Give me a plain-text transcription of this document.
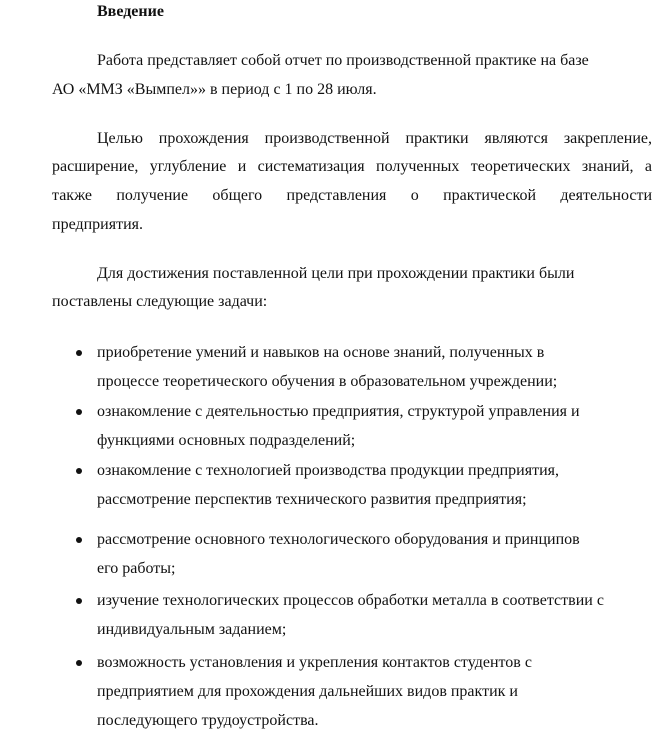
Введение
Работа представляет собой отчет по производственной практике на базе
АО «ММЗ «Вымпел»» в период с 1 по 28 июля.
Целью прохождения производственной практики являются закрепление,
расширение, углубление и систематизация полученных теоретических знаний, а
также получение общего представления о практической деятельности
предприятия.
Для достижения поставленной цели при прохождении практики были
поставлены следующие задачи:
приобретение умений и навыков на основе знаний, полученных в
процессе теоретического обучения в образовательном учреждении;
ознакомление с деятельностью предприятия, структурой управления и
функциями основных подразделений;
ознакомление с технологией производства продукции предприятия,
рассмотрение перспектив технического развития предприятия;
рассмотрение основного технологического оборудования и принципов
его работы;
изучение технологических процессов обработки металла в соответствии с
индивидуальным заданием;
возможность установления и укрепления контактов студентов с
предприятием для прохождения дальнейших видов практик и
последующего трудоустройства.
